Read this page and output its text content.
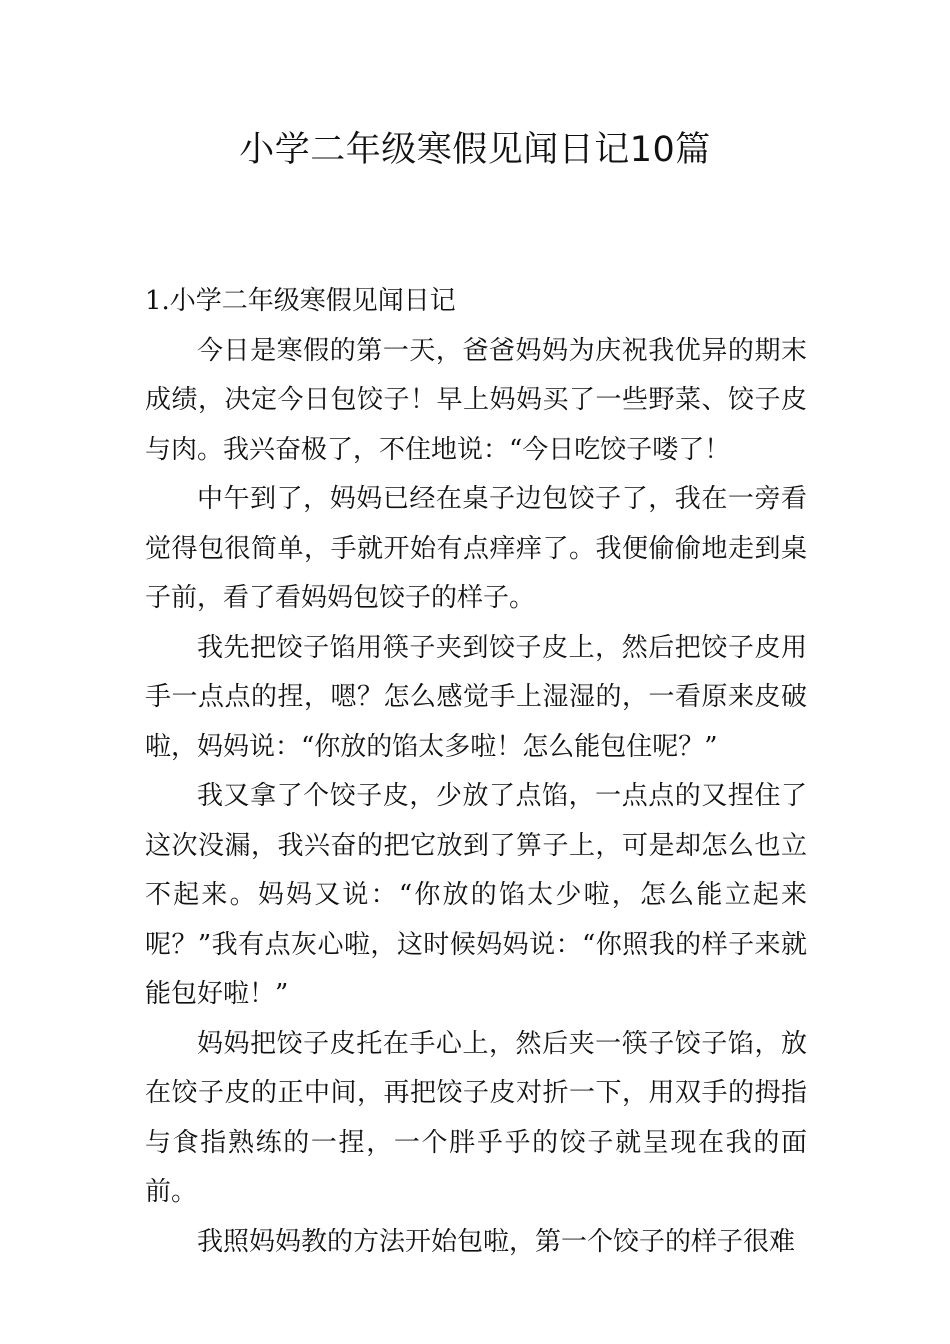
小学二年级寒假见闻日记10篇

1.小学二年级寒假见闻日记

今日是寒假的第一天，爸爸妈妈为庆祝我优异的期末成绩，决定今日包饺子！早上妈妈买了一些野菜、饺子皮与肉。我兴奋极了，不住地说：“今日吃饺子喽了！

中午到了，妈妈已经在桌子边包饺子了，我在一旁看觉得包很简单，手就开始有点痒痒了。我便偷偷地走到桌子前，看了看妈妈包饺子的样子。

我先把饺子馅用筷子夹到饺子皮上，然后把饺子皮用手一点点的捏，嗯？怎么感觉手上湿湿的，一看原来皮破啦，妈妈说：“你放的馅太多啦！怎么能包住呢？”

我又拿了个饺子皮，少放了点馅，一点点的又捏住了这次没漏，我兴奋的把它放到了箅子上，可是却怎么也立不起来。妈妈又说：“你放的馅太少啦，怎么能立起来呢？”我有点灰心啦，这时候妈妈说：“你照我的样子来就能包好啦！”

妈妈把饺子皮托在手心上，然后夹一筷子饺子馅，放在饺子皮的正中间，再把饺子皮对折一下，用双手的拇指与食指熟练的一捏，一个胖乎乎的饺子就呈现在我的面前。

我照妈妈教的方法开始包啦，第一个饺子的样子很难
